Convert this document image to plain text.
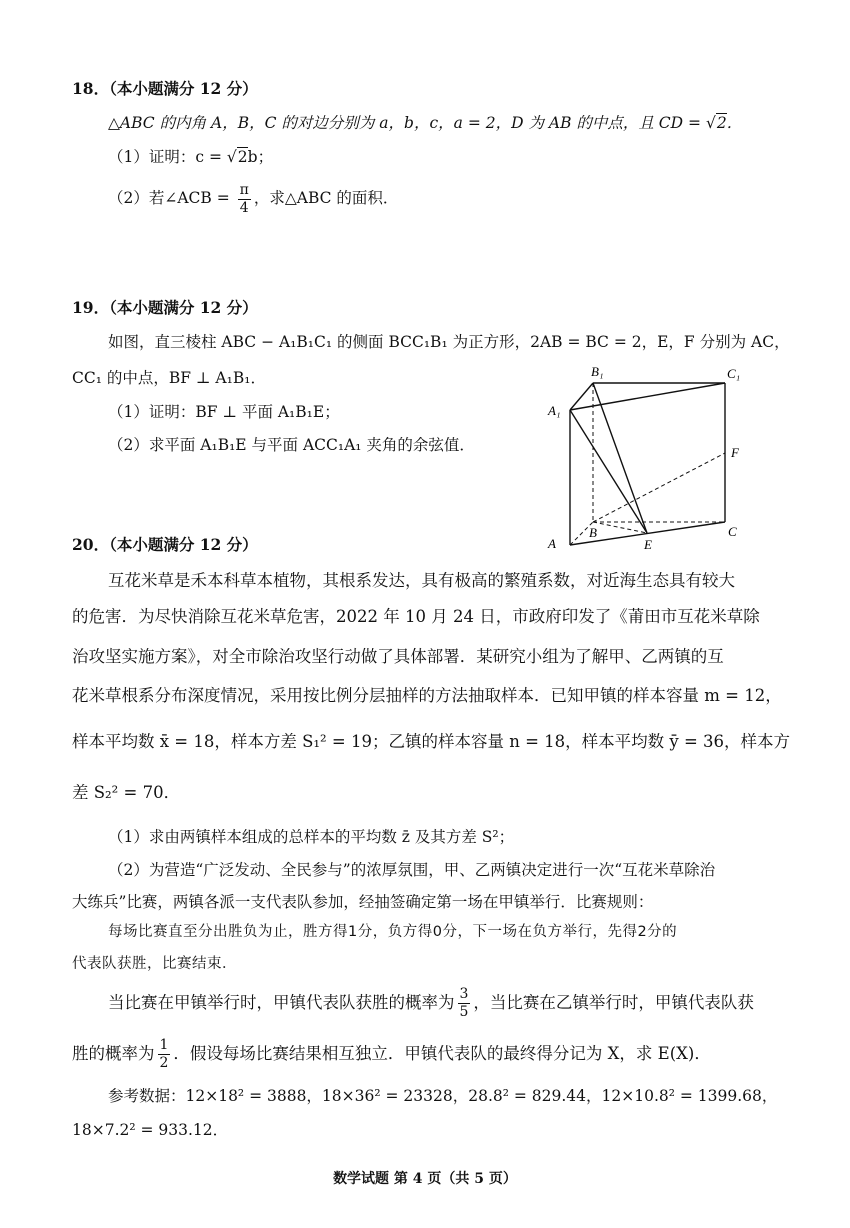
18．（本小题满分 12 分）
△ABC 的内角 A，B，C 的对边分别为 a，b，c，a = 2，D 为 AB 的中点，且 CD = √2．
（1）证明：c = √2b；
（2）若∠ACB = $\frac{\pi}{4}$ ，求△ABC 的面积．
19．（本小题满分 12 分）
如图，直三棱柱 ABC − A₁B₁C₁ 的侧面 BCC₁B₁ 为正方形，2AB = BC = 2，E，F 分别为 AC，
CC₁ 的中点，BF ⊥ A₁B₁．
（1）证明：BF ⊥ 平面 A₁B₁E；
（2）求平面 A₁B₁E 与平面 ACC₁A₁ 夹角的余弦值．
A₁
B₁	C₁
A
B	C
E
F
20．（本小题满分 12 分）
互花米草是禾本科草本植物，其根系发达，具有极高的繁殖系数，对近海生态具有较大
的危害．为尽快消除互花米草危害，2022 年 10 月 24 日，市政府印发了《莆田市互花米草除
治攻坚实施方案》，对全市除治攻坚行动做了具体部署．某研究小组为了解甲、乙两镇的互
花米草根系分布深度情况，采用按比例分层抽样的方法抽取样本．已知甲镇的样本容量 m = 12，
样本平均数 x̄ = 18，样本方差 S₁² = 19；乙镇的样本容量 n = 18，样本平均数 ȳ = 36，样本方
差 S₂² = 70．
（1）求由两镇样本组成的总样本的平均数 z̄ 及其方差 S²；
（2）为营造“广泛发动、全民参与”的浓厚氛围，甲、乙两镇决定进行一次“互花米草除治
大练兵”比赛，两镇各派一支代表队参加，经抽签确定第一场在甲镇举行．比赛规则：
每场比赛直至分出胜负为止，胜方得1分，负方得0分，下一场在负方举行，先得2分的
代表队获胜，比赛结束．
当比赛在甲镇举行时，甲镇代表队获胜的概率为 $\frac{3}{5}$ ，当比赛在乙镇举行时，甲镇代表队获
胜的概率为 $\frac{1}{2}$ ．假设每场比赛结果相互独立．甲镇代表队的最终得分记为 X，求 E(X)．
参考数据：12×18² = 3888，18×36² = 23328，28.8² = 829.44，12×10.8² = 1399.68，
18×7.2² = 933.12．
数学试题 第 4 页（共 5 页）
